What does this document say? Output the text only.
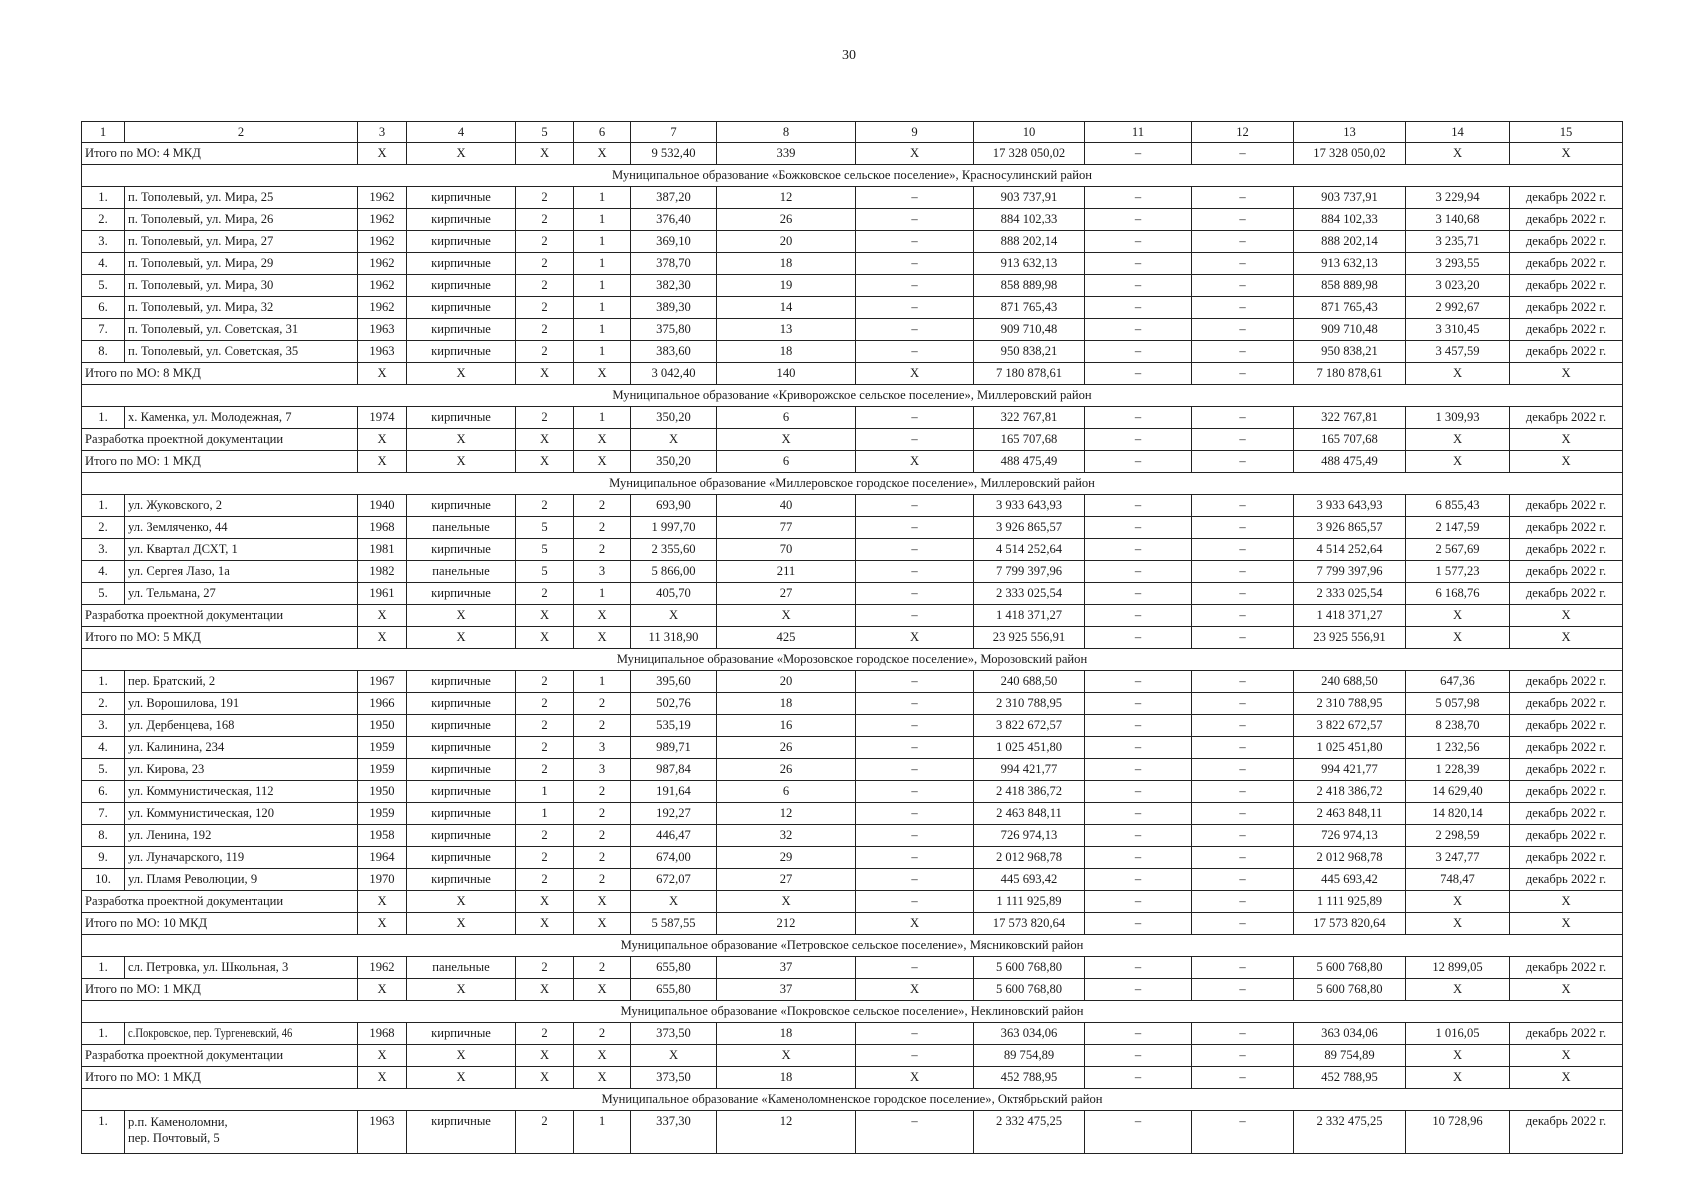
30
1	2	3	4	5	6	7	8	9	10	11	12	13	14	15
Итого по МО: 4 МКД		X	X	X	X	9 532,40	339	X	17 328 050,02	–	–	17 328 050,02	X	X
Муниципальное образование «Божковское сельское поселение», Красносулинский район														
1.	п. Тополевый, ул. Мира, 25	1962	кирпичные	2	1	387,20	12	–	903 737,91	–	–	903 737,91	3 229,94	декабрь 2022 г.
2.	п. Тополевый, ул. Мира, 26	1962	кирпичные	2	1	376,40	26	–	884 102,33	–	–	884 102,33	3 140,68	декабрь 2022 г.
3.	п. Тополевый, ул. Мира, 27	1962	кирпичные	2	1	369,10	20	–	888 202,14	–	–	888 202,14	3 235,71	декабрь 2022 г.
4.	п. Тополевый, ул. Мира, 29	1962	кирпичные	2	1	378,70	18	–	913 632,13	–	–	913 632,13	3 293,55	декабрь 2022 г.
5.	п. Тополевый, ул. Мира, 30	1962	кирпичные	2	1	382,30	19	–	858 889,98	–	–	858 889,98	3 023,20	декабрь 2022 г.
6.	п. Тополевый, ул. Мира, 32	1962	кирпичные	2	1	389,30	14	–	871 765,43	–	–	871 765,43	2 992,67	декабрь 2022 г.
7.	п. Тополевый, ул. Советская, 31	1963	кирпичные	2	1	375,80	13	–	909 710,48	–	–	909 710,48	3 310,45	декабрь 2022 г.
8.	п. Тополевый, ул. Советская, 35	1963	кирпичные	2	1	383,60	18	–	950 838,21	–	–	950 838,21	3 457,59	декабрь 2022 г.
Итого по МО: 8 МКД		X	X	X	X	3 042,40	140	X	7 180 878,61	–	–	7 180 878,61	X	X
Муниципальное образование «Криворожское сельское поселение», Миллеровский район														
1.	х. Каменка, ул. Молодежная, 7	1974	кирпичные	2	1	350,20	6	–	322 767,81	–	–	322 767,81	1 309,93	декабрь 2022 г.
Разработка проектной документации		X	X	X	X	X	X	–	165 707,68	–	–	165 707,68	X	X
Итого по МО: 1 МКД		X	X	X	X	350,20	6	X	488 475,49	–	–	488 475,49	X	X
Муниципальное образование «Миллеровское городское поселение», Миллеровский район														
1.	ул. Жуковского, 2	1940	кирпичные	2	2	693,90	40	–	3 933 643,93	–	–	3 933 643,93	6 855,43	декабрь 2022 г.
2.	ул. Земляченко, 44	1968	панельные	5	2	1 997,70	77	–	3 926 865,57	–	–	3 926 865,57	2 147,59	декабрь 2022 г.
3.	ул. Квартал ДСХТ, 1	1981	кирпичные	5	2	2 355,60	70	–	4 514 252,64	–	–	4 514 252,64	2 567,69	декабрь 2022 г.
4.	ул. Сергея Лазо, 1а	1982	панельные	5	3	5 866,00	211	–	7 799 397,96	–	–	7 799 397,96	1 577,23	декабрь 2022 г.
5.	ул. Тельмана, 27	1961	кирпичные	2	1	405,70	27	–	2 333 025,54	–	–	2 333 025,54	6 168,76	декабрь 2022 г.
Разработка проектной документации		X	X	X	X	X	X	–	1 418 371,27	–	–	1 418 371,27	X	X
Итого по МО: 5 МКД		X	X	X	X	11 318,90	425	X	23 925 556,91	–	–	23 925 556,91	X	X
Муниципальное образование «Морозовское городское поселение», Морозовский район														
1.	пер. Братский, 2	1967	кирпичные	2	1	395,60	20	–	240 688,50	–	–	240 688,50	647,36	декабрь 2022 г.
2.	ул. Ворошилова, 191	1966	кирпичные	2	2	502,76	18	–	2 310 788,95	–	–	2 310 788,95	5 057,98	декабрь 2022 г.
3.	ул. Дербенцева, 168	1950	кирпичные	2	2	535,19	16	–	3 822 672,57	–	–	3 822 672,57	8 238,70	декабрь 2022 г.
4.	ул. Калинина, 234	1959	кирпичные	2	3	989,71	26	–	1 025 451,80	–	–	1 025 451,80	1 232,56	декабрь 2022 г.
5.	ул. Кирова, 23	1959	кирпичные	2	3	987,84	26	–	994 421,77	–	–	994 421,77	1 228,39	декабрь 2022 г.
6.	ул. Коммунистическая, 112	1950	кирпичные	1	2	191,64	6	–	2 418 386,72	–	–	2 418 386,72	14 629,40	декабрь 2022 г.
7.	ул. Коммунистическая, 120	1959	кирпичные	1	2	192,27	12	–	2 463 848,11	–	–	2 463 848,11	14 820,14	декабрь 2022 г.
8.	ул. Ленина, 192	1958	кирпичные	2	2	446,47	32	–	726 974,13	–	–	726 974,13	2 298,59	декабрь 2022 г.
9.	ул. Луначарского, 119	1964	кирпичные	2	2	674,00	29	–	2 012 968,78	–	–	2 012 968,78	3 247,77	декабрь 2022 г.
10.	ул. Пламя Революции, 9	1970	кирпичные	2	2	672,07	27	–	445 693,42	–	–	445 693,42	748,47	декабрь 2022 г.
Разработка проектной документации		X	X	X	X	X	X	–	1 111 925,89	–	–	1 111 925,89	X	X
Итого по МО: 10 МКД		X	X	X	X	5 587,55	212	X	17 573 820,64	–	–	17 573 820,64	X	X
Муниципальное образование «Петровское сельское поселение», Мясниковский район														
1.	сл. Петровка, ул. Школьная, 3	1962	панельные	2	2	655,80	37	–	5 600 768,80	–	–	5 600 768,80	12 899,05	декабрь 2022 г.
Итого по МО: 1 МКД		X	X	X	X	655,80	37	X	5 600 768,80	–	–	5 600 768,80	X	X
Муниципальное образование «Покровское сельское поселение», Неклиновский район														
1.	с.Покровское, пер. Тургеневский, 46	1968	кирпичные	2	2	373,50	18	–	363 034,06	–	–	363 034,06	1 016,05	декабрь 2022 г.
Разработка проектной документации		X	X	X	X	X	X	–	89 754,89	–	–	89 754,89	X	X
Итого по МО: 1 МКД		X	X	X	X	373,50	18	X	452 788,95	–	–	452 788,95	X	X
Муниципальное образование «Каменоломненское городское поселение», Октябрьский район														
1.	р.п. Каменоломни,
пер. Почтовый, 5	1963	кирпичные	2	1	337,30	12	–	2 332 475,25	–	–	2 332 475,25	10 728,96	декабрь 2022 г.
